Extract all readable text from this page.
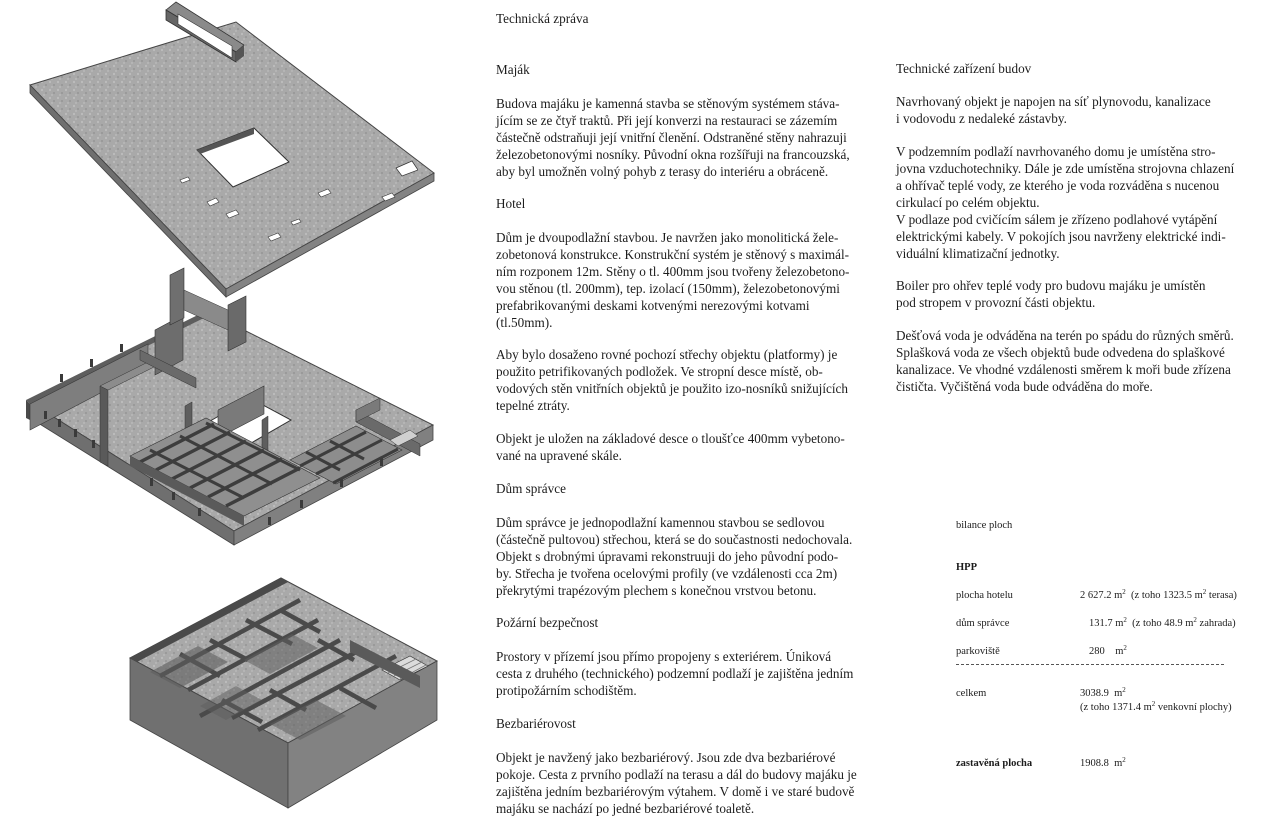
Technická zpráva
Maják

Budova majáku je kamenná stavba se stěnovým systémem stáva-

jícím se ze čtyř traktů. Při její konverzi na restauraci se zázemím

částečně odstraňuji její vnitřní členění. Odstraněné stěny nahrazuji

železobetonovými nosníky. Původní okna rozšířuji na francouzská,

aby byl umožněn volný pohyb z terasy do interiéru a obráceně.

Hotel

Dům je dvoupodlažní stavbou. Je navržen jako monolitická žele-

zobetonová konstrukce. Konstrukční systém je stěnový s maximál-

ním rozponem 12m. Stěny o tl. 400mm jsou tvořeny železobetono-

vou stěnou (tl. 200mm), tep. izolací (150mm), železobetonovými

prefabrikovanými deskami kotvenými nerezovými kotvami

(tl.50mm).

Aby bylo dosaženo rovné pochozí střechy objektu (platformy) je

použito petrifikovaných podložek. Ve stropní desce místě, ob-

vodových stěn vnitřních objektů je použito izo-nosníků snižujících

tepelné ztráty.

Objekt je uložen na základové desce o tloušťce 400mm vybetono-

vané na upravené skále.

Dům správce

Dům správce je jednopodlažní kamennou stavbou se sedlovou

(částečně pultovou) střechou, která se do součastnosti nedochovala.

Objekt s drobnými úpravami rekonstruuji do jeho původní podo-

by. Střecha je tvořena ocelovými profily (ve vzdálenosti cca 2m)

překrytými trapézovým plechem s konečnou vrstvou betonu.

Požární bezpečnost

Prostory v přízemí jsou přímo propojeny s exteriérem. Úniková

cesta z druhého (technického) podzemní podlaží je zajištěna jedním

protipožárním schodištěm.

Bezbariérovost

Objekt je navžený jako bezbariérový. Jsou zde dva bezbariérové

pokoje. Cesta z prvního podlaží na terasu a dál do budovy majáku je

zajištěna jedním bezbariérovým výtahem. V domě i ve staré budově

majáku se nachází po jedné bezbariérové toaletě.

Technické zařízení budov

Navrhovaný objekt je napojen na síť plynovodu, kanalizace

i vodovodu z nedaleké zástavby.

V podzemním podlaží navrhovaného domu je umístěna stro-

jovna vzduchotechniky. Dále je zde umístěna strojovna chlazení

a ohřívač teplé vody, ze kterého je voda rozváděna s nucenou

cirkulací po celém objektu.

V podlaze pod cvičícím sálem je zřízeno podlahové vytápění

elektrickými kabely. V pokojích jsou navrženy elektrické indi-

viduální klimatizační jednotky.

Boiler pro ohřev teplé vody pro budovu majáku je umístěn

pod stropem v provozní části objektu.

Dešťová voda je odváděna na terén po spádu do různých směrů.

Splašková voda ze všech objektů bude odvedena do splaškové

kanalizace. Ve vhodné vzdálenosti směrem k moři bude zřízena

čističta. Vyčištěná voda bude odváděna do moře.

bilance ploch
HPP
plocha hotelu	2 627.2 $m^2$ (z toho 1323.5 $m^2$ terasa)
dům správce	131.7 $m^2$ (z toho 48.9 $m^2$ zahrada)
parkoviště	280 $m^2$
celkem	3038.9 $m^2$
(z toho 1371.4 $m^2$ venkovní plochy)
zastavěná plocha	1908.8 $m^2$
